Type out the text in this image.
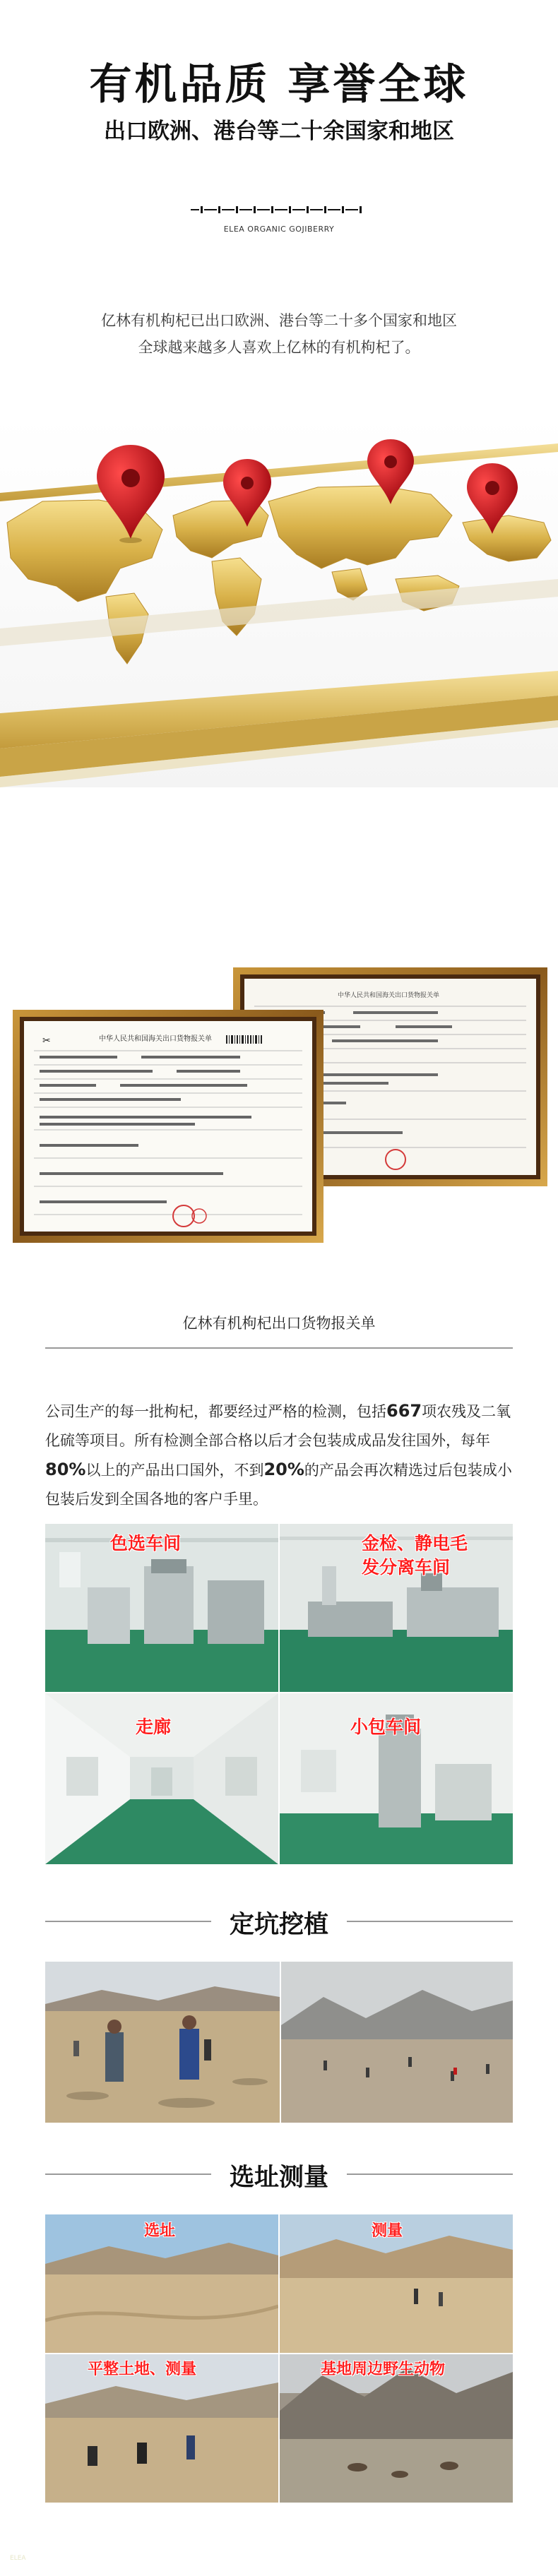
有机品质 享誉全球
出口欧洲、港台等二十余国家和地区
ELEA ORGANIC GOJIBERRY
亿林有机枸杞已出口欧洲、港台等二十多个国家和地区
全球越来越多人喜欢上亿林的有机枸杞了。
中华人民共和国海关出口货物报关单
✂	中华人民共和国海关出口货物报关单
亿林有机枸杞出口货物报关单
公司生产的每一批枸杞，都要经过严格的检测，包括667项农残及二氧化硫等项目。所有检测全部合格以后才会包装成成品发往国外，每年80%以上的产品出口国外，不到20%的产品会再次精选过后包装成小包装后发到全国各地的客户手里。
色选车间	金检、静电毛
发分离车间
走廊	小包车间
定坑挖植
选址测量
选址	测量
平整土地、测量	基地周边野生动物
ELEA
